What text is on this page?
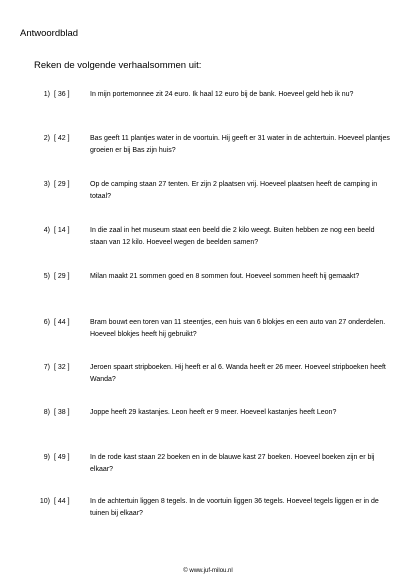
Antwoordblad
Reken de volgende verhaalsommen uit:
1) [ 36 ]	In mijn portemonnee zit 24 euro. Ik haal 12 euro bij de bank. Hoeveel geld heb ik nu?
2) [ 42 ]	Bas geeft 11 plantjes water in de voortuin. Hij geeft er 31 water in de achtertuin. Hoeveel plantjes groeien er bij Bas zijn huis?
3) [ 29 ]	Op de camping staan 27 tenten. Er zijn 2 plaatsen vrij. Hoeveel plaatsen heeft de camping in totaal?
4) [ 14 ]	In die zaal in het museum staat een beeld die 2 kilo weegt. Buiten hebben ze nog een beeld staan van 12 kilo. Hoeveel wegen de beelden samen?
5) [ 29 ]	Milan maakt 21 sommen goed en 8 sommen fout. Hoeveel sommen heeft hij gemaakt?
6) [ 44 ]	Bram bouwt een toren van 11 steentjes, een huis van 6 blokjes en een auto van 27 onderdelen. Hoeveel blokjes heeft hij gebruikt?
7) [ 32 ]	Jeroen spaart stripboeken. Hij heeft er al 6. Wanda heeft er 26 meer. Hoeveel stripboeken heeft Wanda?
8) [ 38 ]	Joppe heeft 29 kastanjes. Leon heeft er 9 meer. Hoeveel kastanjes heeft Leon?
9) [ 49 ]	In de rode kast staan 22 boeken en in de blauwe kast 27 boeken. Hoeveel boeken zijn er bij elkaar?
10) [ 44 ]	In de achtertuin liggen 8 tegels. In de voortuin liggen 36 tegels. Hoeveel tegels liggen er in de tuinen bij elkaar?
© www.juf-milou.nl
